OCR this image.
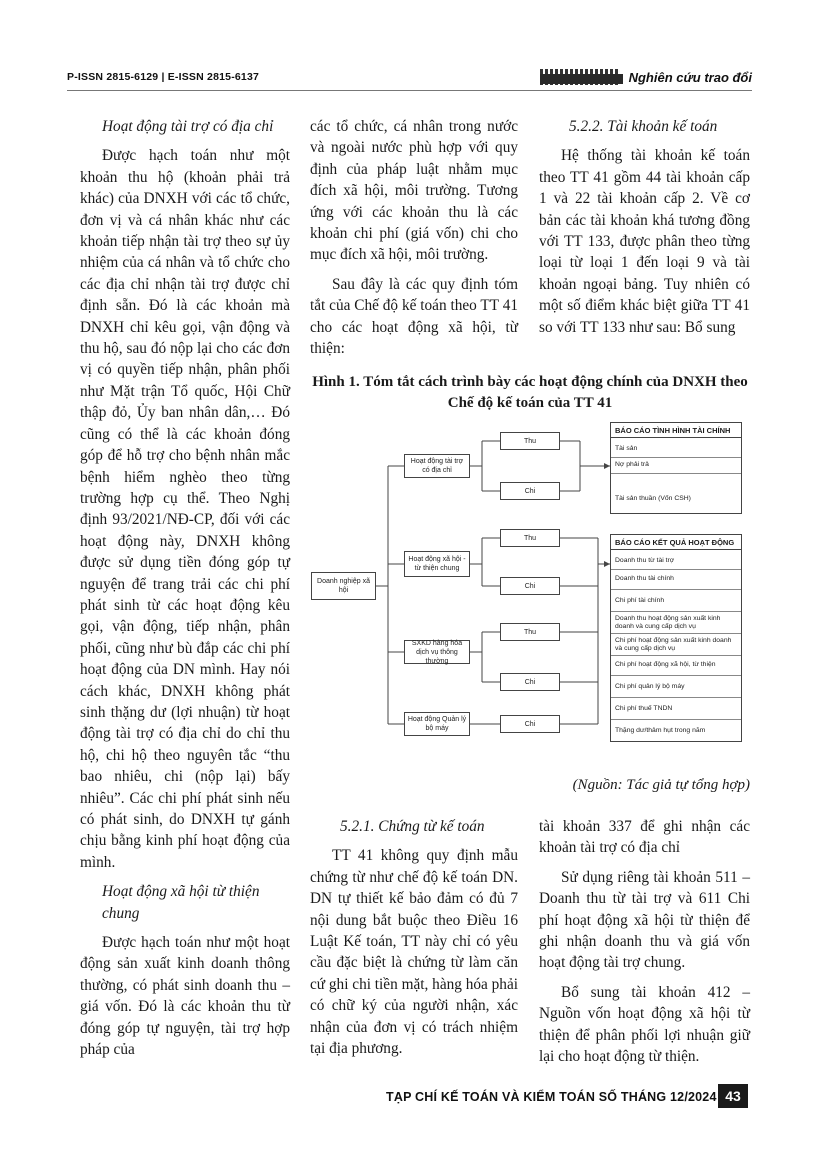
P-ISSN 2815-6129 | E-ISSN 2815-6137	Nghiên cứu trao đổi

Hoạt động tài trợ có địa chỉ

Được hạch toán như một khoản thu hộ (khoản phải trả khác) của DNXH với các tổ chức, đơn vị và cá nhân khác như các khoản tiếp nhận tài trợ theo sự ủy nhiệm của cá nhân và tổ chức cho các địa chỉ nhận tài trợ được chỉ định sẵn. Đó là các khoản mà DNXH chỉ kêu gọi, vận động và thu hộ, sau đó nộp lại cho các đơn vị có quyền tiếp nhận, phân phối như Mặt trận Tổ quốc, Hội Chữ thập đỏ, Ủy ban nhân dân,… Đó cũng có thể là các khoản đóng góp để hỗ trợ cho bệnh nhân mắc bệnh hiểm nghèo theo từng trường hợp cụ thể. Theo Nghị định 93/2021/NĐ-CP, đối với các hoạt động này, DNXH không được sử dụng tiền đóng góp tự nguyện để trang trải các chi phí phát sinh từ các hoạt động kêu gọi, vận động, tiếp nhận, phân phối, cũng như bù đắp các chi phí hoạt động của DN mình. Hay nói cách khác, DNXH không phát sinh thặng dư (lợi nhuận) từ hoạt động tài trợ có địa chỉ do chỉ thu hộ, chi hộ theo nguyên tắc “thu bao nhiêu, chi (nộp lại) bấy nhiêu”. Các chi phí phát sinh nếu có phát sinh, do DNXH tự gánh chịu bằng kinh phí hoạt động của mình.

Hoạt động xã hội từ thiện chung

Được hạch toán như một hoạt động sản xuất kinh doanh thông thường, có phát sinh doanh thu – giá vốn. Đó là các khoản thu từ đóng góp tự nguyện, tài trợ hợp pháp của

các tổ chức, cá nhân trong nước và ngoài nước phù hợp với quy định của pháp luật nhằm mục đích xã hội, môi trường. Tương ứng với các khoản thu là các khoản chi phí (giá vốn) chi cho mục đích xã hội, môi trường.

Sau đây là các quy định tóm tắt của Chế độ kế toán theo TT 41 cho các hoạt động xã hội, từ thiện:

5.2.2. Tài khoản kế toán

Hệ thống tài khoản kế toán theo TT 41 gồm 44 tài khoản cấp 1 và 22 tài khoản cấp 2. Về cơ bản các tài khoản khá tương đồng với TT 133, được phân theo từng loại từ loại 1 đến loại 9 và tài khoản ngoại bảng. Tuy nhiên có một số điểm khác biệt giữa TT 41 so với TT 133 như sau: Bổ sung

Hình 1. Tóm tắt cách trình bày các hoạt động chính của DNXH theo Chế độ kế toán của TT 41
Doanh nghiệp xã hội
Hoạt động tài trợ có địa chỉ
Hoạt động xã hội - từ thiện chung
SXKD hàng hóa dịch vụ thông thường
Hoạt động Quản lý bộ máy
Thu
Chi
Thu
Chi
Thu
Chi
Chi
BÁO CÁO TÌNH HÌNH TÀI CHÍNH
Tài sản
Nợ phải trả
Tài sản thuần (Vốn CSH)
BÁO CÁO KẾT QUẢ HOẠT ĐỘNG
Doanh thu từ tài trợ
Doanh thu tài chính
Chi phí tài chính
Doanh thu hoạt động sản xuất kinh doanh và cung cấp dịch vụ
Chi phí hoạt động sản xuất kinh doanh và cung cấp dịch vụ
Chi phí hoạt động xã hội, từ thiện
Chi phí quản lý bộ máy
Chi phí thuế TNDN
Thặng dư/thâm hụt trong năm
(Nguồn: Tác giả tự tổng hợp)

5.2.1. Chứng từ kế toán

TT 41 không quy định mẫu chứng từ như chế độ kế toán DN. DN tự thiết kế bảo đảm có đủ 7 nội dung bắt buộc theo Điều 16 Luật Kế toán, TT này chỉ có yêu cầu đặc biệt là chứng từ làm căn cứ ghi chi tiền mặt, hàng hóa phải có chữ ký của người nhận, xác nhận của đơn vị có trách nhiệm tại địa phương.

tài khoản 337 để ghi nhận các khoản tài trợ có địa chỉ

Sử dụng riêng tài khoản 511 – Doanh thu từ tài trợ và 611 Chi phí hoạt động xã hội từ thiện để ghi nhận doanh thu và giá vốn hoạt động tài trợ chung.

Bổ sung tài khoản 412 – Nguồn vốn hoạt động xã hội từ thiện để phân phối lợi nhuận giữ lại cho hoạt động từ thiện.

TẠP CHÍ KẾ TOÁN VÀ KIỂM TOÁN SỐ THÁNG 12/2024 43
